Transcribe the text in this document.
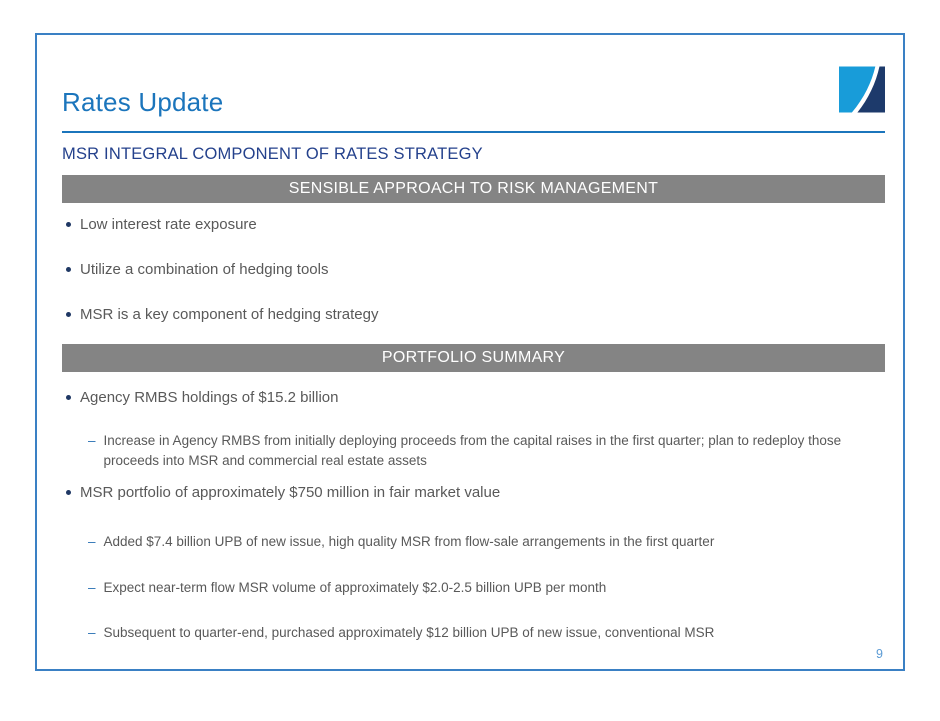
Rates Update
MSR INTEGRAL COMPONENT OF RATES STRATEGY
SENSIBLE APPROACH TO RISK MANAGEMENT
Low interest rate exposure
Utilize a combination of hedging tools
MSR is a key component of hedging strategy
PORTFOLIO SUMMARY
Agency RMBS holdings of $15.2 billion
– Increase in Agency RMBS from initially deploying proceeds from the capital raises in the first quarter; plan to redeploy those proceeds into MSR and commercial real estate assets
MSR portfolio of approximately $750 million in fair market value
– Added $7.4 billion UPB of new issue, high quality MSR from flow-sale arrangements in the first quarter
– Expect near-term flow MSR volume of approximately $2.0-2.5 billion UPB per month
– Subsequent to quarter-end, purchased approximately $12 billion UPB of new issue, conventional MSR
9
